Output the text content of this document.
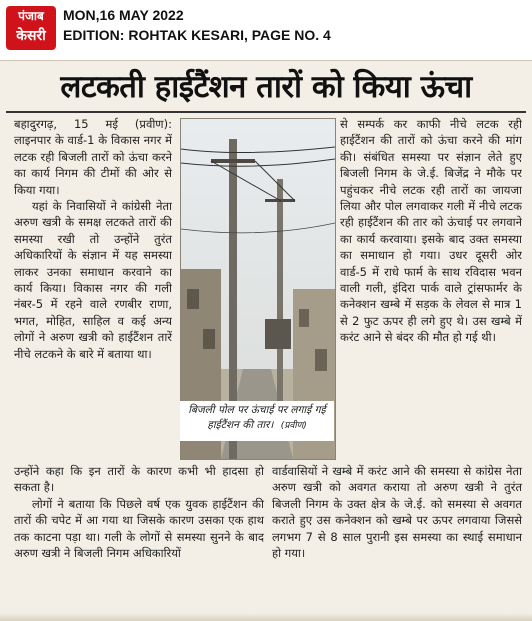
पंजाब
केसरी
MON,16 MAY 2022
EDITION: ROHTAK KESARI, PAGE NO. 4
लटकती हाईटैंशन तारों को किया ऊंचा

बहादुरगढ़, 15 मई (प्रवीण): लाइनपार के वार्ड-1 के विकास नगर में लटक रही बिजली तारों को ऊंचा करने का कार्य निगम की टीमों की ओर से किया गया।

यहां के निवासियों ने कांग्रेसी नेता अरुण खत्री के समक्ष लटकते तारों की समस्या रखी तो उन्होंने तुरंत अधिकारियों के संज्ञान में यह समस्या लाकर उनका समाधान करवाने का कार्य किया। विकास नगर की गली नंबर-5 में रहने वाले रणबीर राणा, भगत, मोहित, साहिल व कई अन्य लोगों ने अरुण खत्री को हाईटैंशन तारें नीचे लटकने के बारे में बताया था।

बिजली पोल पर ऊंचाई पर लगाई गई हाईटैंशन की तार। (प्रवीण)

से सम्पर्क कर काफी नीचे लटक रही हाईटैंशन की तारों को ऊंचा करने की मांग की। संबंधित समस्या पर संज्ञान लेते हुए बिजली निगम के जे.ई. बिजेंद्र ने मौके पर पहुंचकर नीचे लटक रही तारों का जायजा लिया और पोल लगवाकर गली में नीचे लटक रही हाईटैंशन की तार को ऊंचाई पर लगवाने का कार्य करवाया। इसके बाद उक्त समस्या का समाधान हो गया। उधर दूसरी ओर वार्ड-5 में राधे फार्म के साथ रविदास भवन वाली गली, इंदिरा पार्क वाले ट्रांसफार्मर के कनेक्शन खम्बे में सड़क के लेवल से मात्र 1 से 2 फुट ऊपर ही लगे हुए थे। उस खम्बे में करंट आने से बंदर की मौत हो गई थी।

उन्होंने कहा कि इन तारों के कारण कभी भी हादसा हो सकता है।
लोगों ने बताया कि पिछले वर्ष एक युवक हाईटैंशन की तारों की चपेट में आ गया था जिसके कारण उसका एक हाथ तक काटना पड़ा था। गली के लोगों से समस्या सुनने के बाद अरुण खत्री ने बिजली निगम अधिकारियों
वार्डवासियों ने खम्बे में करंट आने की समस्या से कांग्रेस नेता अरुण खत्री को अवगत कराया तो अरुण खत्री ने तुरंत बिजली निगम के उक्त क्षेत्र के जे.ई. को समस्या से अवगत कराते हुए उस कनेक्शन को खम्बे पर ऊपर लगवाया जिससे लगभग 7 से 8 साल पुरानी इस समस्या का स्थाई समाधान हो गया।
